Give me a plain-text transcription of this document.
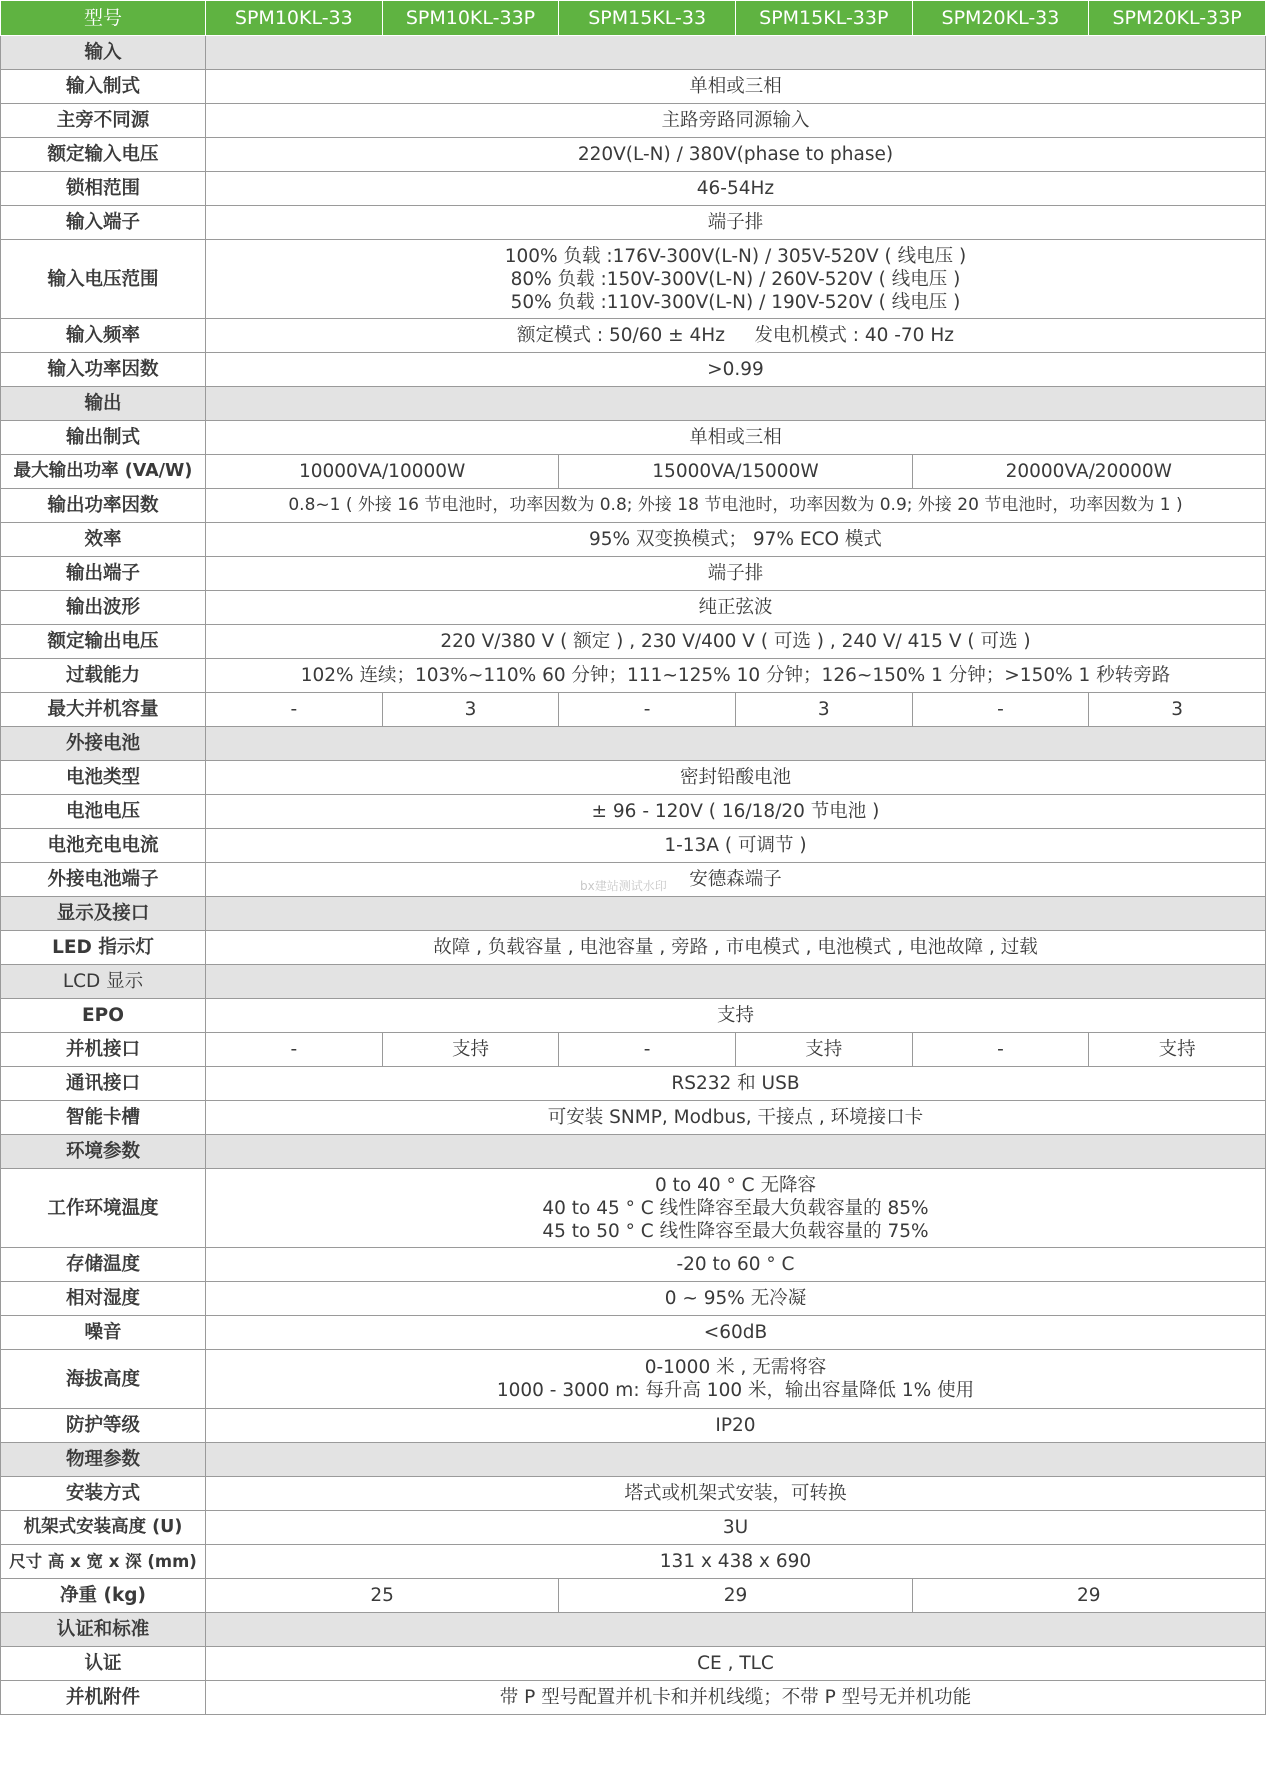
型号	SPM10KL-33	SPM10KL-33P	SPM15KL-33	SPM15KL-33P	SPM20KL-33	SPM20KL-33P
输入						
输入制式	单相或三相					
主旁不同源	主路旁路同源输入					
额定输入电压	220V(L-N) / 380V(phase to phase)					
锁相范围	46-54Hz					
输入端子	端子排					
输入电压范围	100% 负载 :176V-300V(L-N) / 305V-520V ( 线电压 )
80% 负载 :150V-300V(L-N) / 260V-520V ( 线电压 )
50% 负载 :110V-300V(L-N) / 190V-520V ( 线电压 )					

输入频率	额定模式 : 50/60 ± 4Hz     发电机模式 : 40 -70 Hz					
输入功率因数	>0.99					
输出						
输出制式	单相或三相					
最大输出功率 (VA/W)	10000VA/10000W		15000VA/15000W		20000VA/20000W	
输出功率因数	0.8~1 ( 外接 16 节电池时，功率因数为 0.8; 外接 18 节电池时，功率因数为 0.9; 外接 20 节电池时，功率因数为 1 )					
效率	95% 双变换模式； 97% ECO 模式					
输出端子	端子排					
输出波形	纯正弦波					
额定输出电压	220 V/380 V ( 额定 ) , 230 V/400 V ( 可选 ) , 240 V/ 415 V ( 可选 )					
过载能力	102% 连续；103%~110% 60 分钟；111~125% 10 分钟；126~150% 1 分钟；>150% 1 秒转旁路					
最大并机容量	-	3	-	3	-	3
外接电池						
电池类型	密封铅酸电池					
电池电压	± 96 - 120V ( 16/18/20 节电池 )					
电池充电电流	1-13A ( 可调节 )					
外接电池端子	安德森端子					
显示及接口						
LED 指示灯	故障 , 负载容量 , 电池容量 , 旁路 , 市电模式 , 电池模式 , 电池故障 , 过载					
LCD 显示						
EPO	支持					
并机接口	-	支持	-	支持	-	支持
通讯接口	RS232 和 USB					
智能卡槽	可安装 SNMP, Modbus, 干接点 , 环境接口卡					
环境参数						
工作环境温度	0 to 40 ° C 无降容
40 to 45 ° C 线性降容至最大负载容量的 85%
45 to 50 ° C 线性降容至最大负载容量的 75%					

存储温度	-20 to 60 ° C					
相对湿度	0 ~ 95% 无冷凝					
噪音	<60dB					
海拔高度	0-1000 米 , 无需将容
1000 - 3000 m: 每升高 100 米，输出容量降低 1% 使用					

防护等级	IP20					
物理参数						
安装方式	塔式或机架式安装，可转换					
机架式安装高度 (U)	3U					
尺寸 高 x 宽 x 深 (mm)	131 x 438 x 690					
净重 (kg)	25		29		29	
认证和标准						
认证	CE , TLC					
并机附件	带 P 型号配置并机卡和并机线缆；不带 P 型号无并机功能					
bx建站测试水印
